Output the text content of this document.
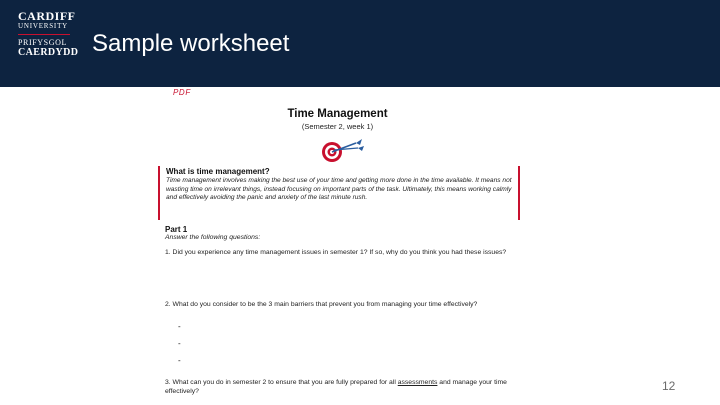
CARDIFF
UNIVERSITY
PRIFYSGOL
CAERDYDD Sample worksheet
PDF
Time Management
(Semester 2, week 1)
What is time management?
Time management involves making the best use of your time and getting more done in the time available. It means not wasting time on irrelevant things, instead focusing on important parts of the task. Ultimately, this means working calmly and effectively avoiding the panic and anxiety of the last minute rush.
Part 1
Answer the following questions:
1. Did you experience any time management issues in semester 1? If so, why do you think you had these issues?
2. What do you consider to be the 3 main barriers that prevent you from managing your time effectively?
-
-
-
3. What can you do in semester 2 to ensure that you are fully prepared for all assessments and manage your time effectively?	12
